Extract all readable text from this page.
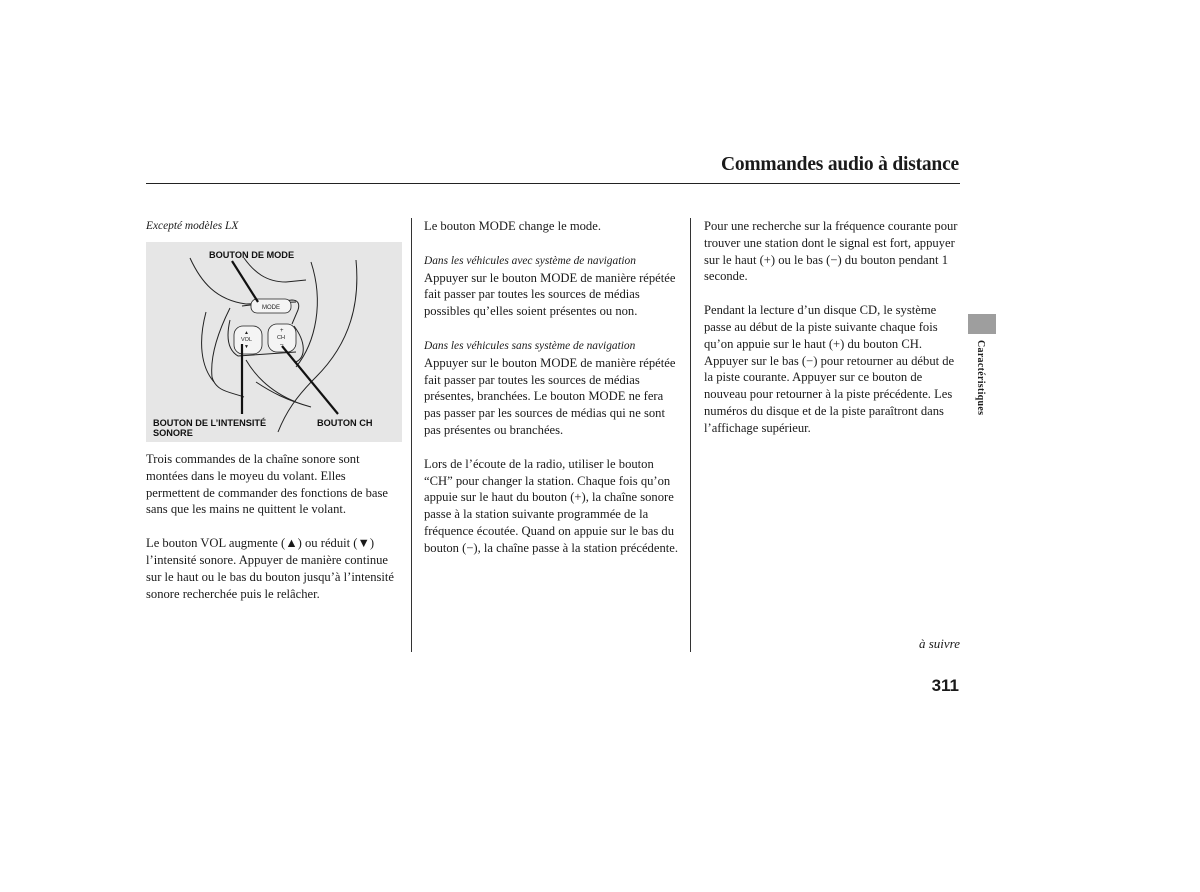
Commandes audio à distance
Excepté modèles LX
MODE
▲
VOL
▼
+
CH
–
BOUTON DE MODE
BOUTON DE L’INTENSITÉ
SONORE
BOUTON CH

Trois commandes de la chaîne sonore sont montées dans le moyeu du volant. Elles permettent de commander des fonctions de base sans que les mains ne quittent le volant.

Le bouton VOL augmente (▲) ou réduit (▼) l’intensité sonore. Appuyer de manière continue sur le haut ou le bas du bouton jusqu’à l’intensité sonore recherchée puis le relâcher.

Le bouton MODE change le mode.

Dans les véhicules avec système de navigation

Appuyer sur le bouton MODE de manière répétée fait passer par toutes les sources de médias possibles qu’elles soient présentes ou non.

Dans les véhicules sans système de navigation

Appuyer sur le bouton MODE de manière répétée fait passer par toutes les sources de médias présentes, branchées. Le bouton MODE ne fera pas passer par les sources de médias qui ne sont pas présentes ou branchées.

Lors de l’écoute de la radio, utiliser le bouton “CH” pour changer la station. Chaque fois qu’on appuie sur le haut du bouton (+), la chaîne sonore passe à la station suivante programmée de la fréquence écoutée. Quand on appuie sur le bas du bouton (−), la chaîne passe à la station précédente.

Pour une recherche sur la fréquence courante pour trouver une station dont le signal est fort, appuyer sur le haut (+) ou le bas (−) du bouton pendant 1 seconde.

Pendant la lecture d’un disque CD, le système passe au début de la piste suivante chaque fois qu’on appuie sur le haut (+) du bouton CH. Appuyer sur le bas (−) pour retourner au début de la piste courante. Appuyer sur ce bouton de nouveau pour retourner à la piste précédente. Les numéros du disque et de la piste paraîtront dans l’affichage supérieur.

Caractéristiques
à suivre
311
